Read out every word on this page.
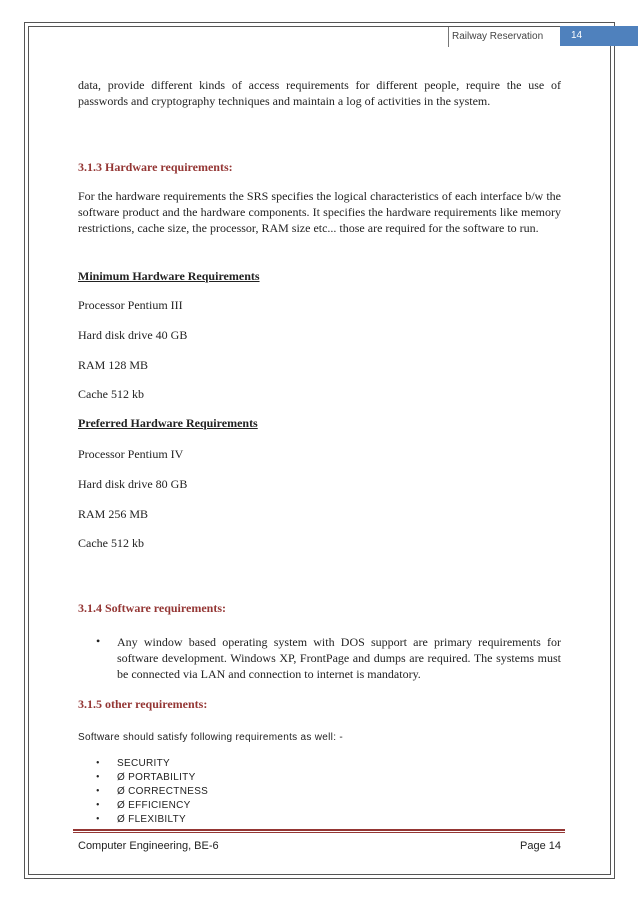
Railway Reservation	14

data, provide different kinds of access requirements for different people, require the use of passwords and cryptography techniques and maintain a log of activities in the system.

3.1.3 Hardware requirements:

For the hardware requirements the SRS specifies the logical characteristics of each interface b/w the software product and the hardware components. It specifies the hardware requirements like memory restrictions, cache size, the processor, RAM size etc... those are required for the software to run.

Minimum Hardware Requirements

Processor Pentium III

Hard disk drive 40 GB

RAM 128 MB

Cache 512 kb

Preferred Hardware Requirements

Processor Pentium IV

Hard disk drive 80 GB

RAM 256 MB

Cache 512 kb

3.1.4 Software requirements:

• Any window based operating system with DOS support are primary requirements for software development. Windows XP, FrontPage and dumps are required. The systems must be connected via LAN and connection to internet is mandatory.

3.1.5 other requirements:

Software should satisfy following requirements as well: -

• SECURITY

• Ø PORTABILITY

• Ø CORRECTNESS

• Ø EFFICIENCY

• Ø FLEXIBILTY

Computer Engineering, BE-6	Page 14
